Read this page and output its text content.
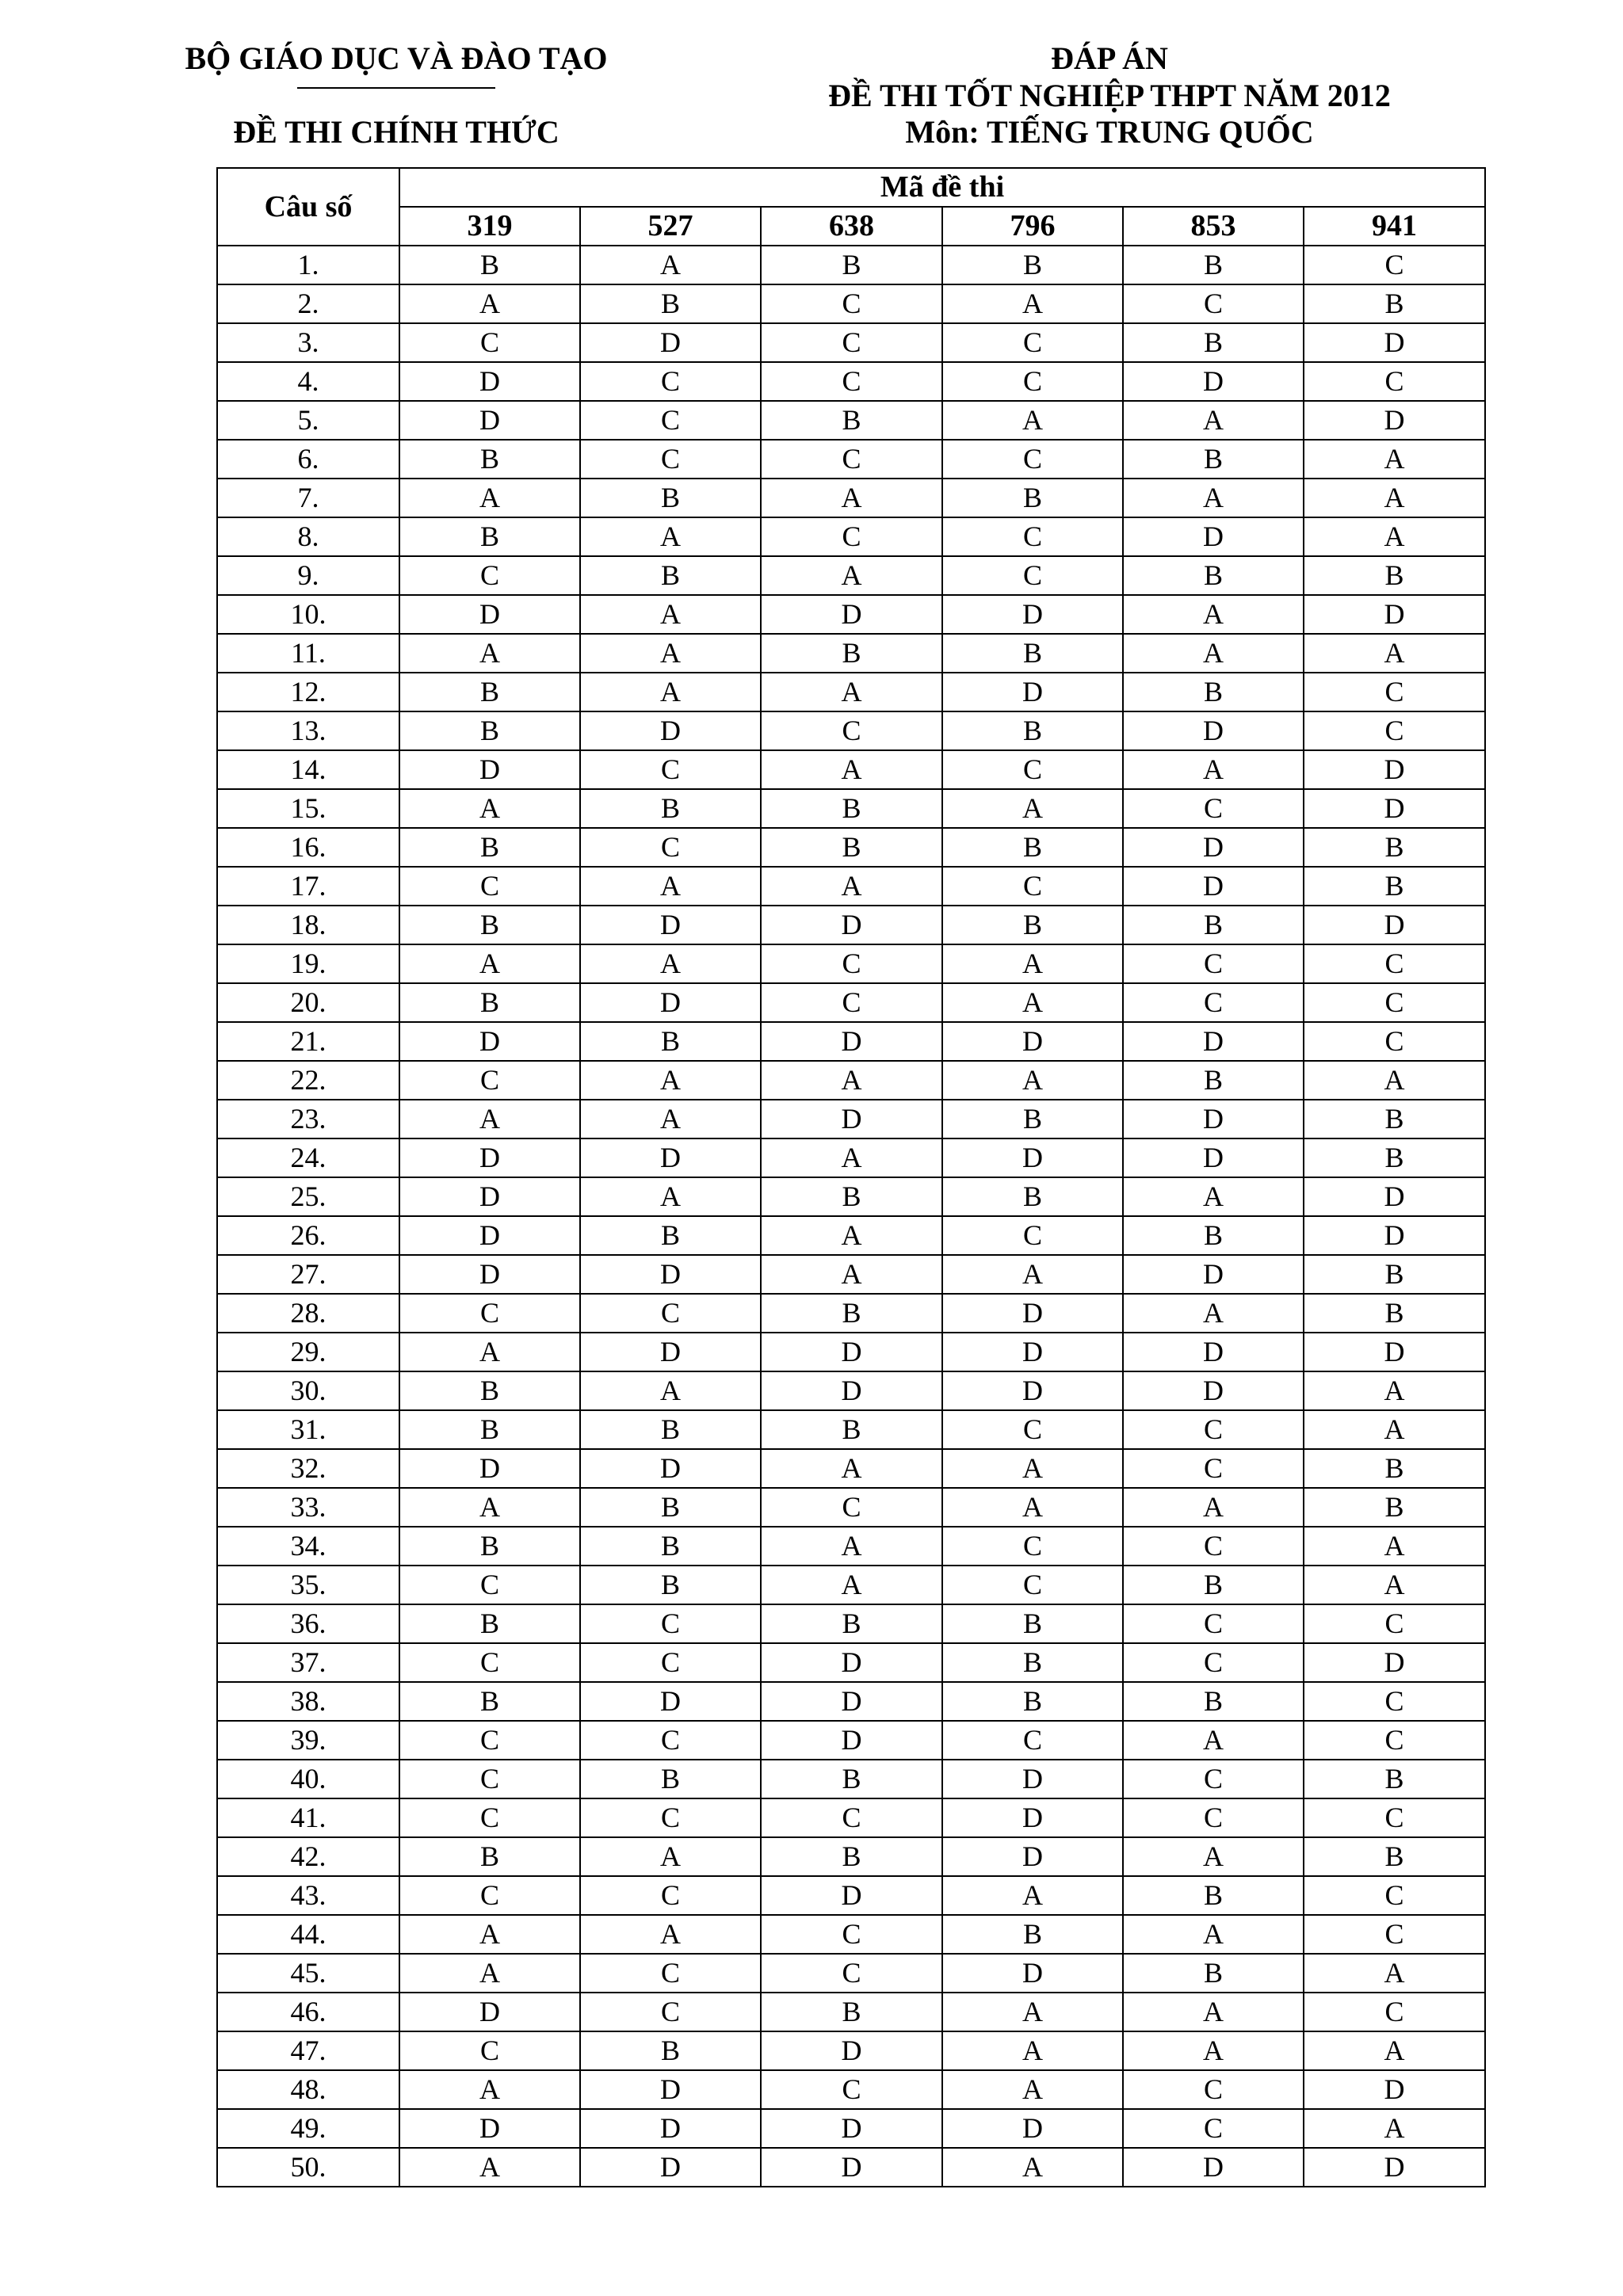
BỘ GIÁO DỤC VÀ ĐÀO TẠO
ĐỀ THI CHÍNH THỨC
ĐÁP ÁN
ĐỀ THI TỐT NGHIỆP THPT NĂM 2012
Môn: TIẾNG TRUNG QUỐC
Câu số	Mã đề thi					
	319	527	638	796	853	941
1.	B	A	B	B	B	C
2.	A	B	C	A	C	B
3.	C	D	C	C	B	D
4.	D	C	C	C	D	C
5.	D	C	B	A	A	D
6.	B	C	C	C	B	A
7.	A	B	A	B	A	A
8.	B	A	C	C	D	A
9.	C	B	A	C	B	B
10.	D	A	D	D	A	D
11.	A	A	B	B	A	A
12.	B	A	A	D	B	C
13.	B	D	C	B	D	C
14.	D	C	A	C	A	D
15.	A	B	B	A	C	D
16.	B	C	B	B	D	B
17.	C	A	A	C	D	B
18.	B	D	D	B	B	D
19.	A	A	C	A	C	C
20.	B	D	C	A	C	C
21.	D	B	D	D	D	C
22.	C	A	A	A	B	A
23.	A	A	D	B	D	B
24.	D	D	A	D	D	B
25.	D	A	B	B	A	D
26.	D	B	A	C	B	D
27.	D	D	A	A	D	B
28.	C	C	B	D	A	B
29.	A	D	D	D	D	D
30.	B	A	D	D	D	A
31.	B	B	B	C	C	A
32.	D	D	A	A	C	B
33.	A	B	C	A	A	B
34.	B	B	A	C	C	A
35.	C	B	A	C	B	A
36.	B	C	B	B	C	C
37.	C	C	D	B	C	D
38.	B	D	D	B	B	C
39.	C	C	D	C	A	C
40.	C	B	B	D	C	B
41.	C	C	C	D	C	C
42.	B	A	B	D	A	B
43.	C	C	D	A	B	C
44.	A	A	C	B	A	C
45.	A	C	C	D	B	A
46.	D	C	B	A	A	C
47.	C	B	D	A	A	A
48.	A	D	C	A	C	D
49.	D	D	D	D	C	A
50.	A	D	D	A	D	D
